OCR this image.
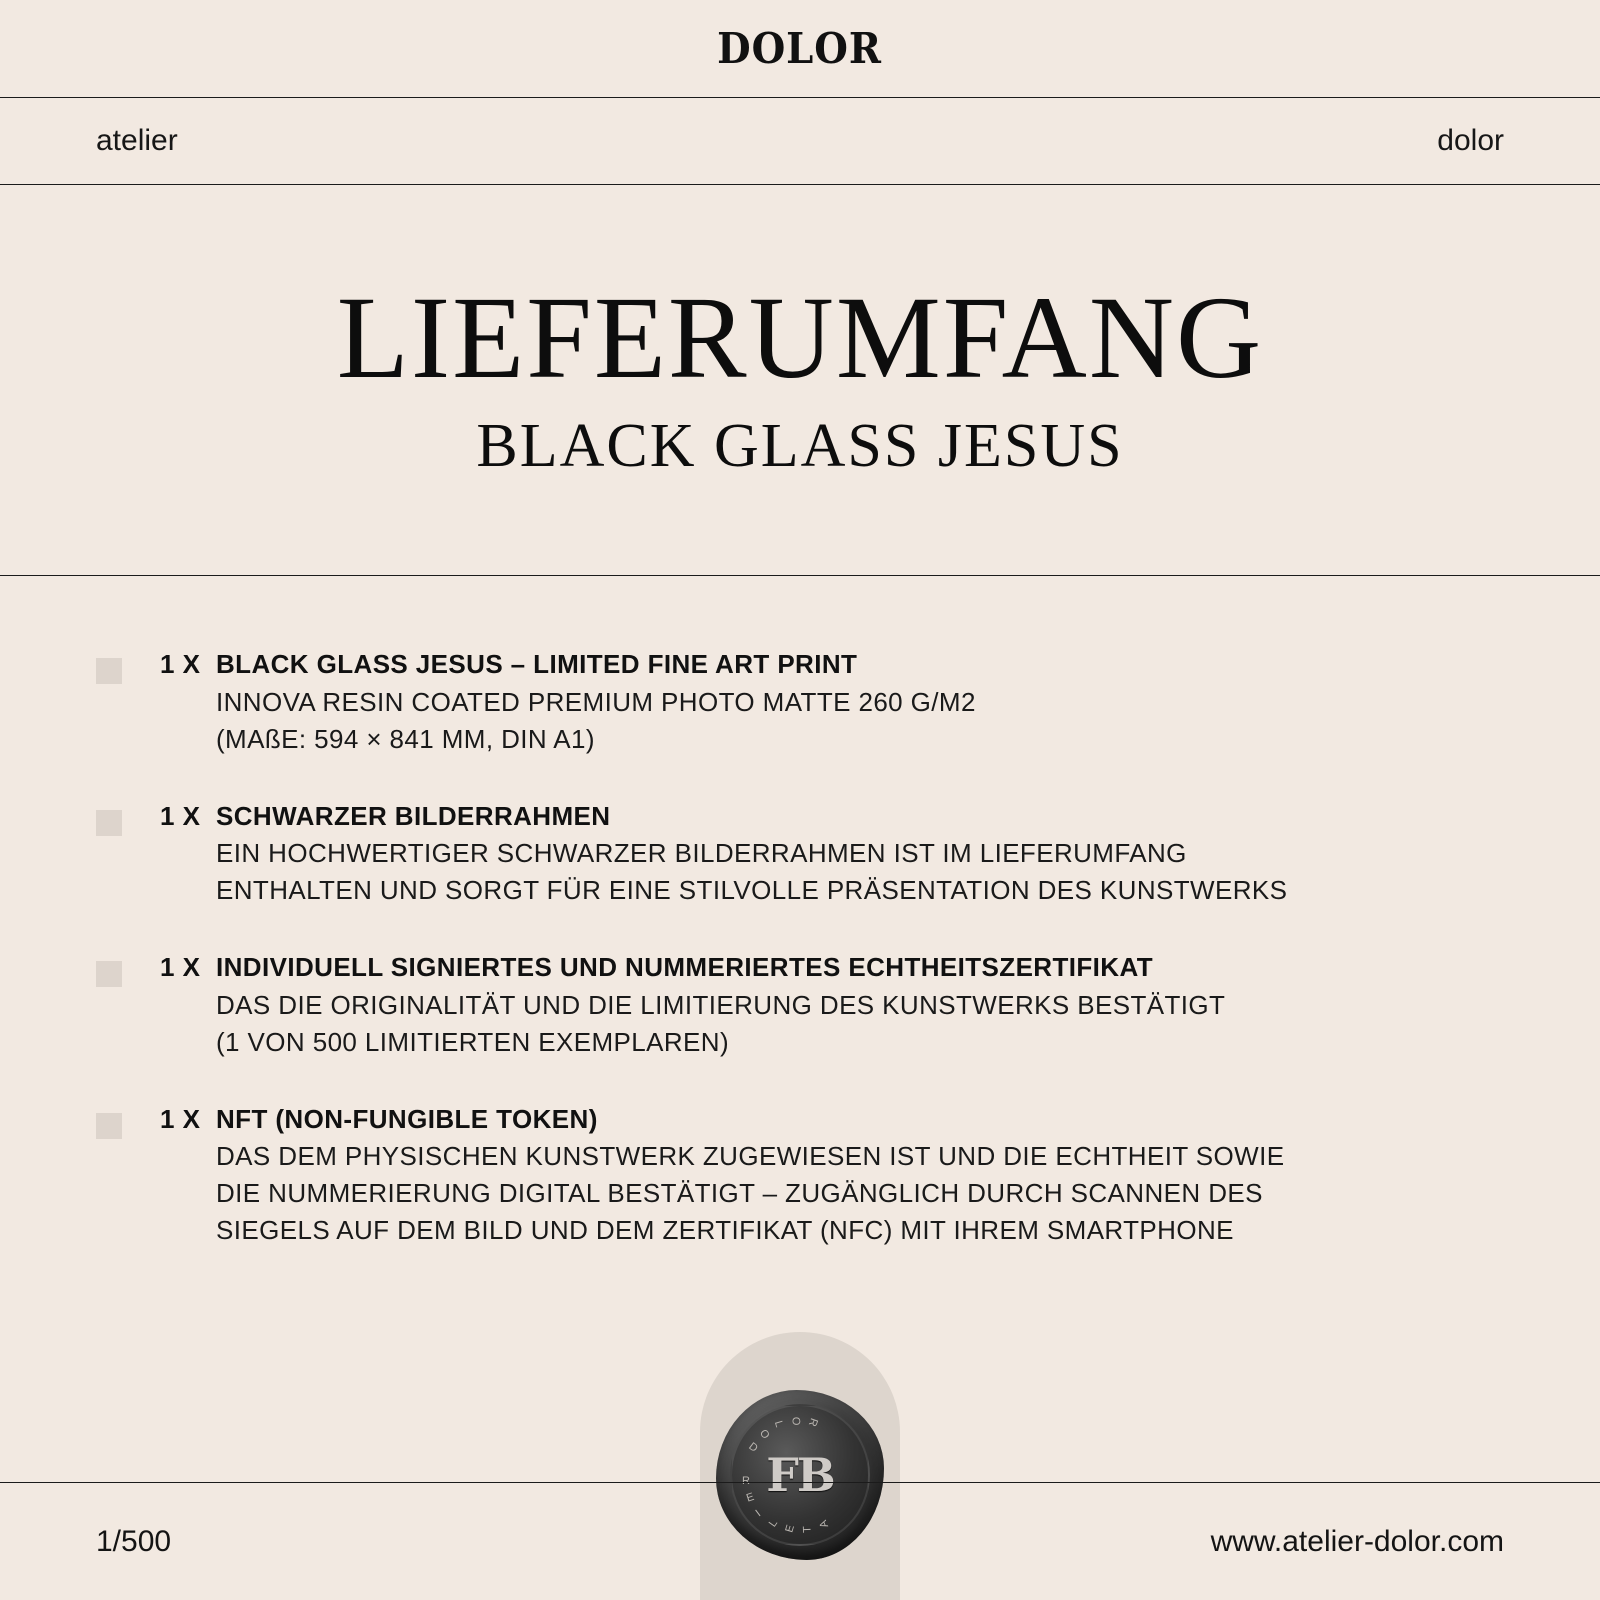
DOLOR
atelier	dolor
LIEFERUMFANG
BLACK GLASS JESUS
1 X BLACK GLASS JESUS – LIMITED FINE ART PRINT
INNOVA RESIN COATED PREMIUM PHOTO MATTE 260 G/M2
(MAßE: 594 × 841 MM, DIN A1)
1 X SCHWARZER BILDERRAHMEN
EIN HOCHWERTIGER SCHWARZER BILDERRAHMEN IST IM LIEFERUMFANG
ENTHALTEN UND SORGT FÜR EINE STILVOLLE PRÄSENTATION DES KUNSTWERKS
1 X INDIVIDUELL SIGNIERTES UND NUMMERIERTES ECHTHEITSZERTIFIKAT
DAS DIE ORIGINALITÄT UND DIE LIMITIERUNG DES KUNSTWERKS BESTÄTIGT
(1 VON 500 LIMITIERTEN EXEMPLAREN)
1 X NFT (NON-FUNGIBLE TOKEN)
DAS DEM PHYSISCHEN KUNSTWERK ZUGEWIESEN IST UND DIE ECHTHEIT SOWIE
DIE NUMMERIERUNG DIGITAL BESTÄTIGT – ZUGÄNGLICH DURCH SCANNEN DES
SIEGELS AUF DEM BILD UND DEM ZERTIFIKAT (NFC) MIT IHREM SMARTPHONE
A
T
E
L
I
E
R
D
O
L O R
FB
1/500	www.atelier-dolor.com
